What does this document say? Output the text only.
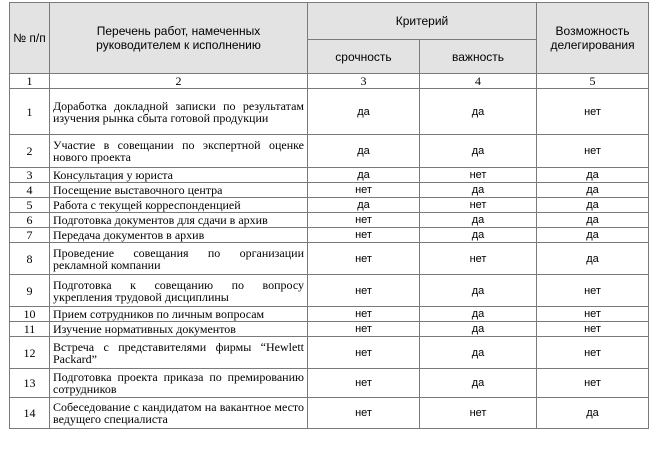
№ п/п	Перечень работ, намеченных руководителем к исполнению	Критерий		Возможность делегирования
		срочность	важность	
1	2	3	4	5
1	Доработка докладной записки по результатам изучения рынка сбыта готовой продукции	да	да	нет
2	Участие в совещании по экспертной оценке нового проекта	да	да	нет
3	Консультация у юриста	да	нет	да
4	Посещение выставочного центра	нет	да	да
5	Работа с текущей корреспонденцией	да	нет	да
6	Подготовка документов для сдачи в архив	нет	да	да
7	Передача документов в архив	нет	да	да
8	Проведение совещания по организации рекламной компании	нет	нет	да
9	Подготовка к совещанию по вопросу укрепления трудовой дисциплины	нет	да	нет
10	Прием сотрудников по личным вопросам	нет	да	нет
11	Изучение нормативных документов	нет	да	нет
12	Встреча с представителями фирмы “Hewlett Packard”	нет	да	нет
13	Подготовка проекта приказа по премированию сотрудников	нет	да	нет
14	Собеседование с кандидатом на вакантное место ведущего специалиста	нет	нет	да
